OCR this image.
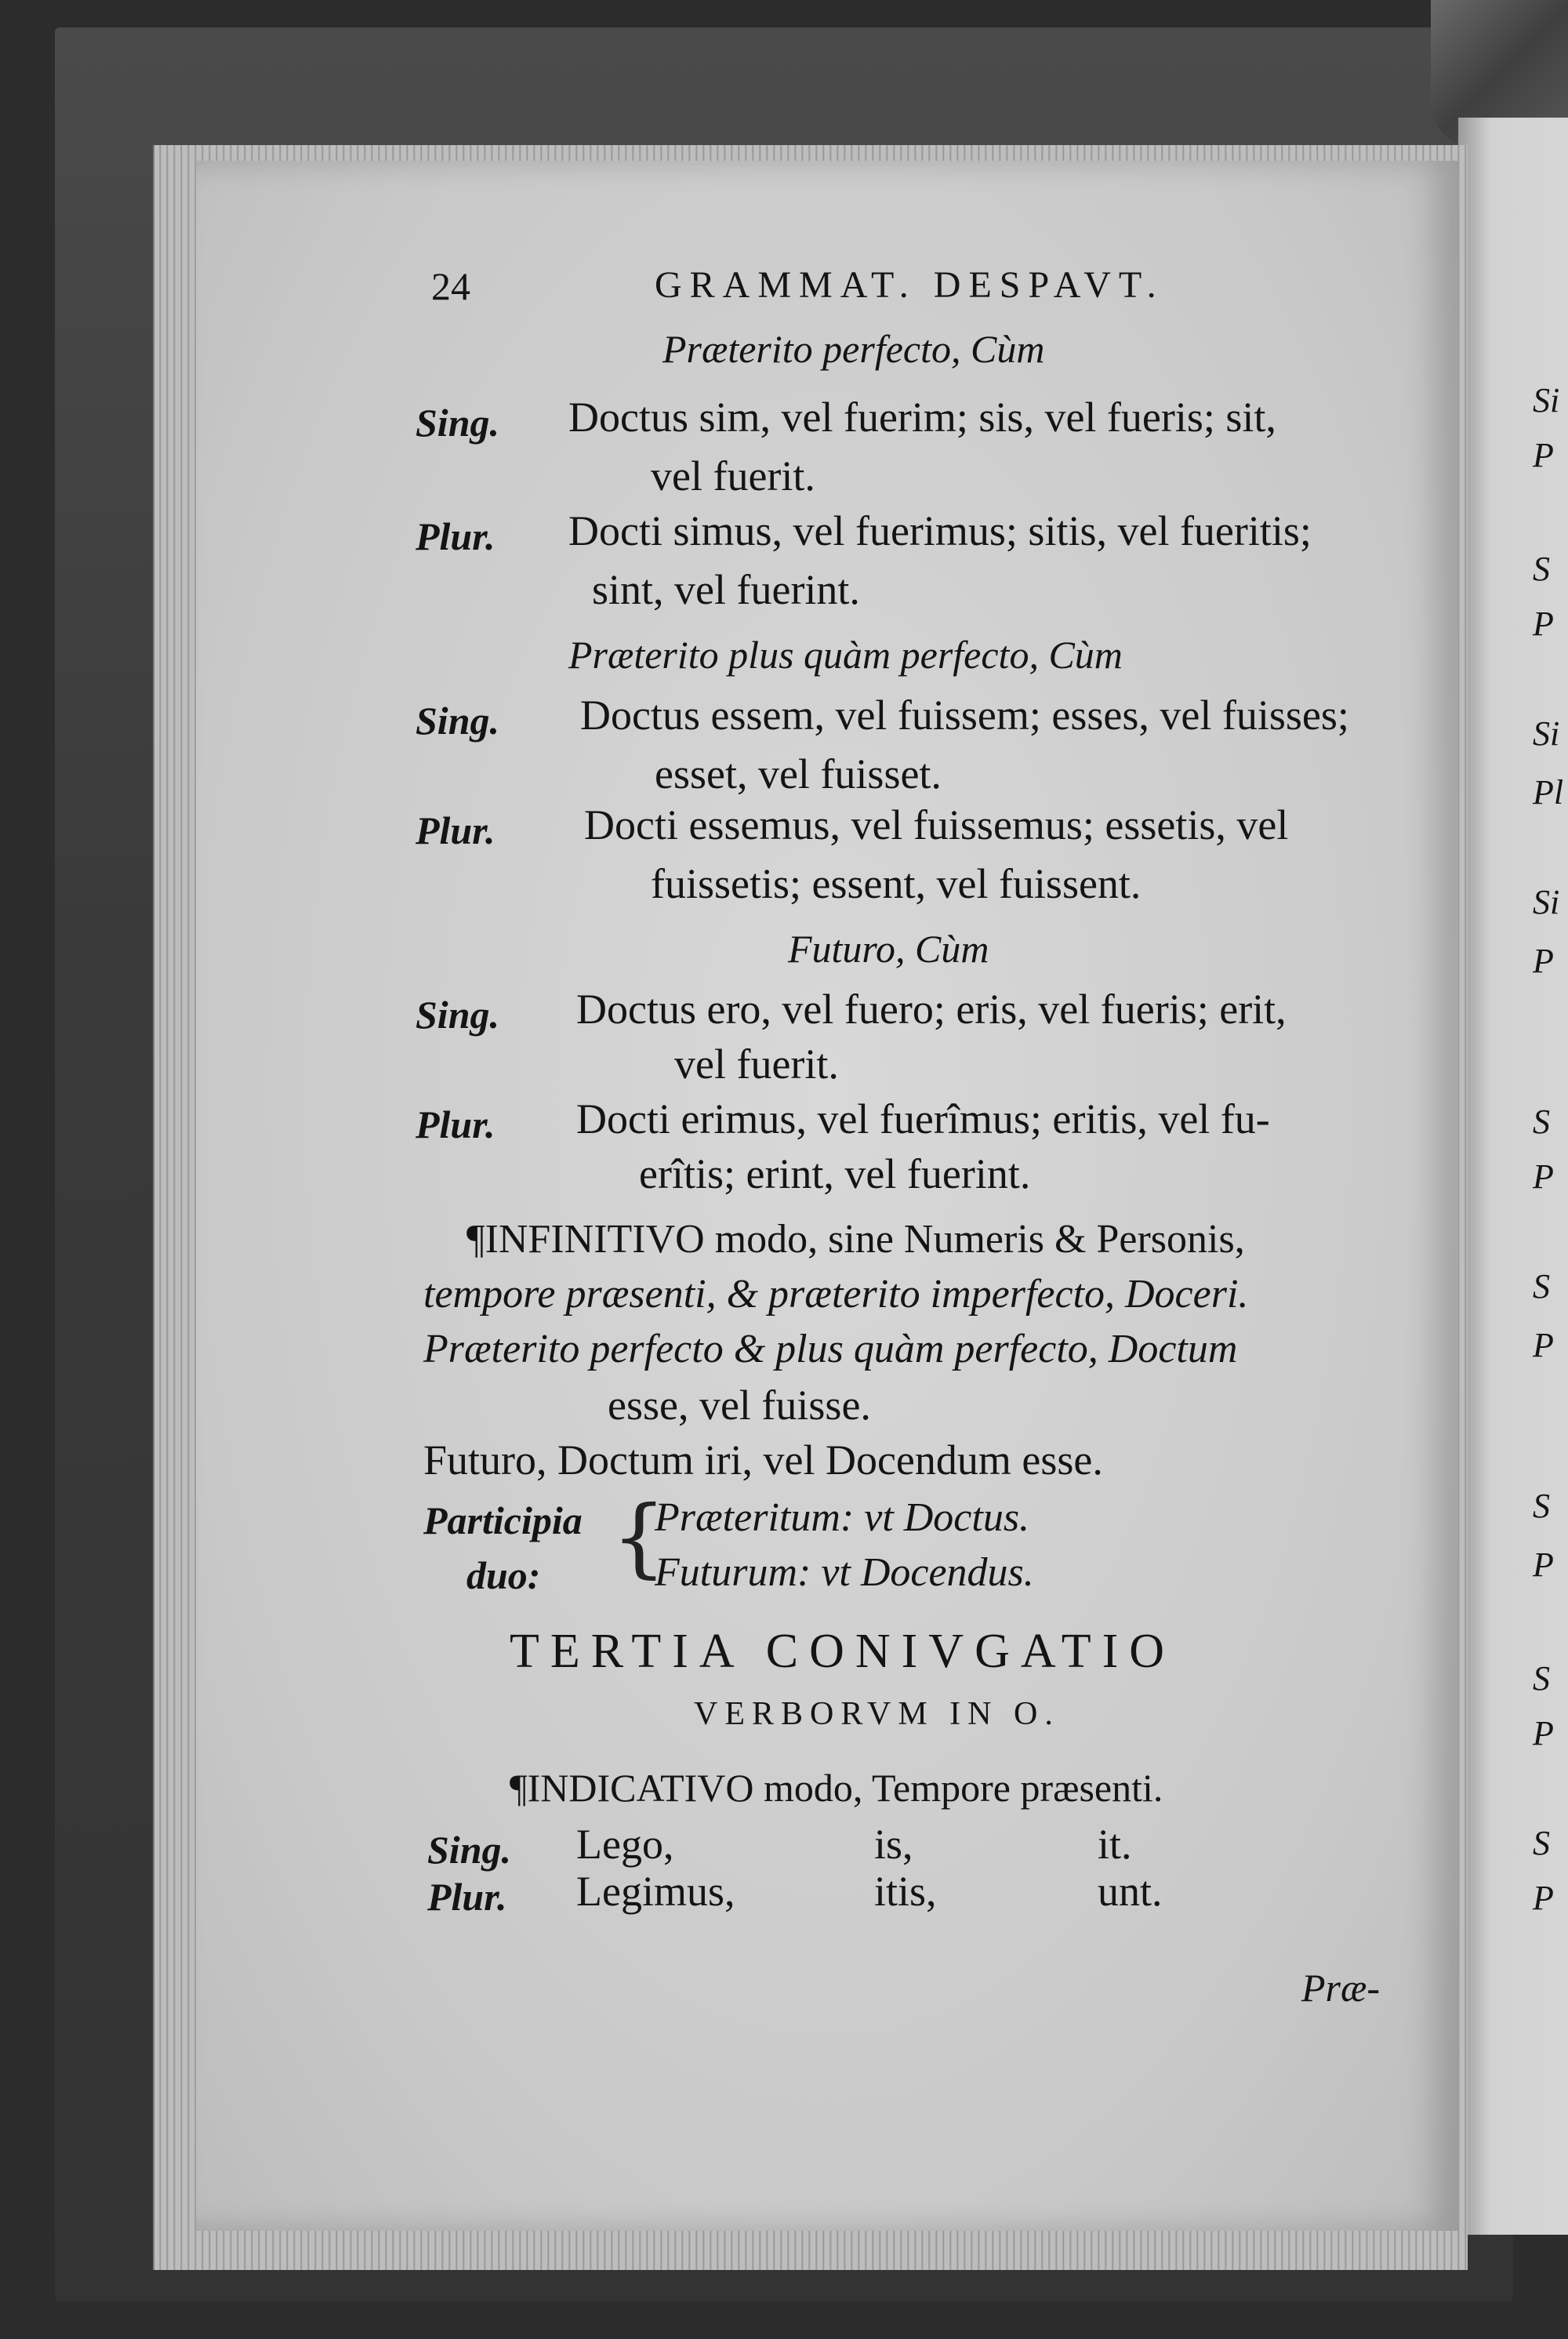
24	GRAMMAT. DESPAVT.
Præterito perfecto, Cùm
Sing. Doctus sim, vel fuerim; sis, vel fueris; sit,
vel fuerit.
Plur. Docti simus, vel fuerimus; sitis, vel fueritis;
sint, vel fuerint.
Præterito plus quàm perfecto, Cùm
Sing. Doctus essem, vel fuissem; esses, vel fuisses;
esset, vel fuisset.
Plur. Docti essemus, vel fuissemus; essetis, vel
fuissetis; essent, vel fuissent.
Futuro, Cùm
Sing. Doctus ero, vel fuero; eris, vel fueris; erit,
vel fuerit.
Plur. Docti erimus, vel fuerîmus; eritis, vel fu-
erîtis; erint, vel fuerint.
¶INFINITIVO modo, sine Numeris & Personis,
tempore præsenti, & præterito imperfecto, Doceri.
Præterito perfecto & plus quàm perfecto, Doctum
esse, vel fuisse.
Futuro, Doctum iri, vel Docendum esse.
Participia
duo: {
Præteritum: vt Doctus.
Futurum: vt Docendus.
TERTIA CONIVGATIO
VERBORVM IN O.
¶INDICATIVO modo, Tempore præsenti.
Sing. Lego,	is,	it.
Plur. Legimus,	itis,	unt.
Præ-
Si
P
S
P
Si
Pl
Si
P
S
P
S
P
S
P
S
P
S
P
